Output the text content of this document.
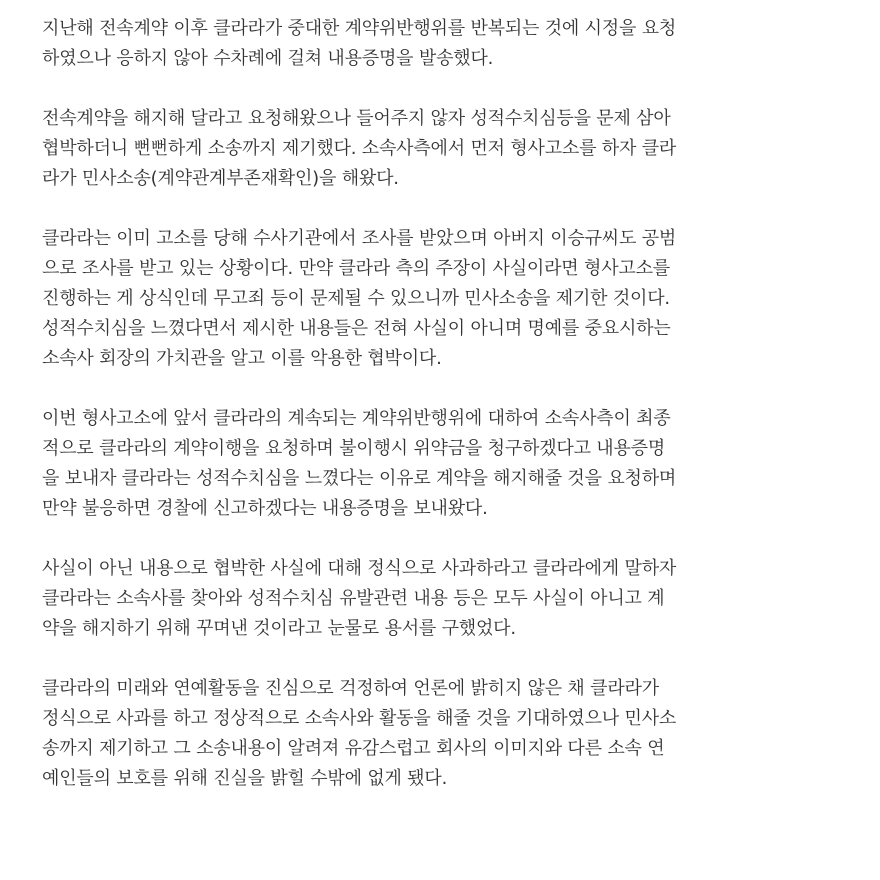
지난해 전속계약 이후 클라라가 중대한 계약위반행위를 반복되는 것에 시정을 요청
하였으나 응하지 않아 수차례에 걸쳐 내용증명을 발송했다.

전속계약을 해지해 달라고 요청해왔으나 들어주지 않자 성적수치심등을 문제 삼아
협박하더니 뻔뻔하게 소송까지 제기했다. 소속사측에서 먼저 형사고소를 하자 클라
라가 민사소송(계약관계부존재확인)을 해왔다.

클라라는 이미 고소를 당해 수사기관에서 조사를 받았으며 아버지 이승규씨도 공범
으로 조사를 받고 있는 상황이다. 만약 클라라 측의 주장이 사실이라면 형사고소를
진행하는 게 상식인데 무고죄 등이 문제될 수 있으니까 민사소송을 제기한 것이다.
성적수치심을 느꼈다면서 제시한 내용들은 전혀 사실이 아니며 명예를 중요시하는
소속사 회장의 가치관을 알고 이를 악용한 협박이다.

이번 형사고소에 앞서 클라라의 계속되는 계약위반행위에 대하여 소속사측이 최종
적으로 클라라의 계약이행을 요청하며 불이행시 위약금을 청구하겠다고 내용증명
을 보내자 클라라는 성적수치심을 느꼈다는 이유로 계약을 해지해줄 것을 요청하며
만약 불응하면 경찰에 신고하겠다는 내용증명을 보내왔다.

사실이 아닌 내용으로 협박한 사실에 대해 정식으로 사과하라고 클라라에게 말하자
클라라는 소속사를 찾아와 성적수치심 유발관련 내용 등은 모두 사실이 아니고 계
약을 해지하기 위해 꾸며낸 것이라고 눈물로 용서를 구했었다.

클라라의 미래와 연예활동을 진심으로 걱정하여 언론에 밝히지 않은 채 클라라가
정식으로 사과를 하고 정상적으로 소속사와 활동을 해줄 것을 기대하였으나 민사소
송까지 제기하고 그 소송내용이 알려져 유감스럽고 회사의 이미지와 다른 소속 연
예인들의 보호를 위해 진실을 밝힐 수밖에 없게 됐다.
